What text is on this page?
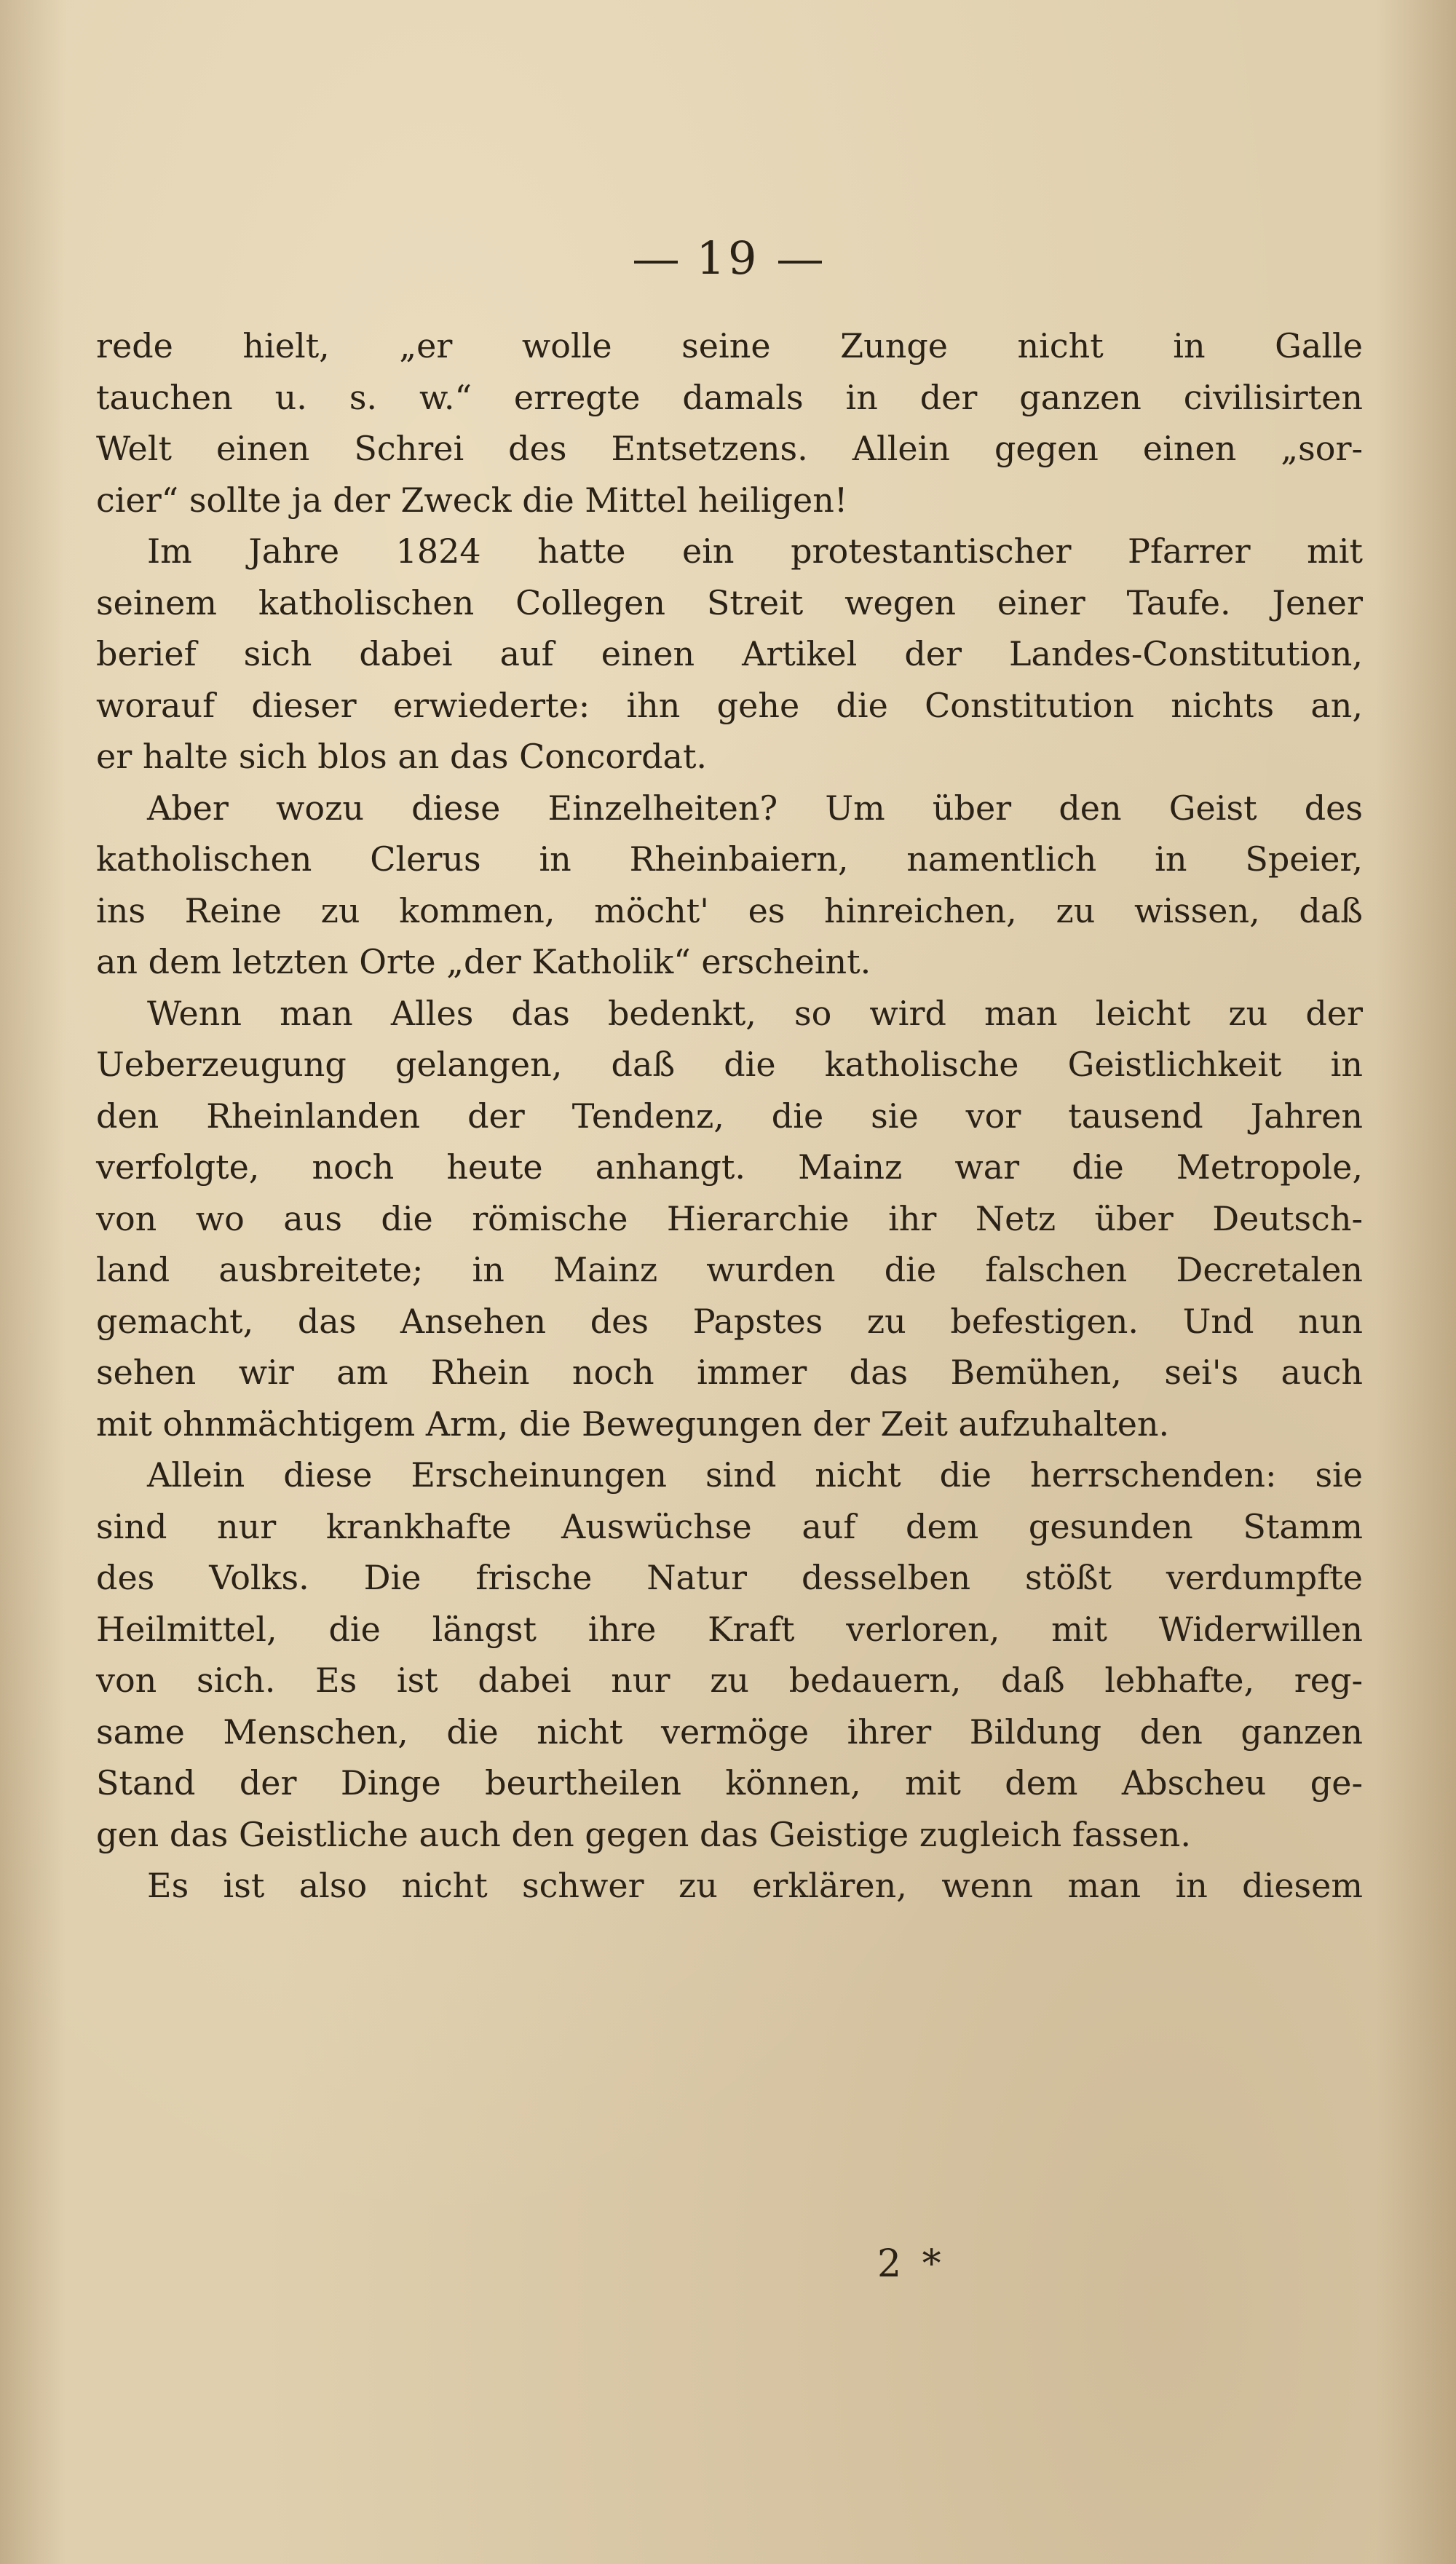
19
rede hielt, „er wolle seine Zunge nicht in Galle
tauchen u. s. w.“ erregte damals in der ganzen civilisirten
Welt einen Schrei des Entsetzens. Allein gegen einen „sor-
cier“ sollte ja der Zweck die Mittel heiligen!
Im Jahre 1824 hatte ein protestantischer Pfarrer mit
seinem katholischen Collegen Streit wegen einer Taufe. Jener
berief sich dabei auf einen Artikel der Landes-Constitution,
worauf dieser erwiederte: ihn gehe die Constitution nichts an,
er halte sich blos an das Concordat.
Aber wozu diese Einzelheiten? Um über den Geist des
katholischen Clerus in Rheinbaiern, namentlich in Speier,
ins Reine zu kommen, möcht' es hinreichen, zu wissen, daß
an dem letzten Orte „der Katholik“ erscheint.
Wenn man Alles das bedenkt, so wird man leicht zu der
Ueberzeugung gelangen, daß die katholische Geistlichkeit in
den Rheinlanden der Tendenz, die sie vor tausend Jahren
verfolgte, noch heute anhangt. Mainz war die Metropole,
von wo aus die römische Hierarchie ihr Netz über Deutsch-
land ausbreitete; in Mainz wurden die falschen Decretalen
gemacht, das Ansehen des Papstes zu befestigen. Und nun
sehen wir am Rhein noch immer das Bemühen, sei's auch
mit ohnmächtigem Arm, die Bewegungen der Zeit aufzuhalten.
Allein diese Erscheinungen sind nicht die herrschenden: sie
sind nur krankhafte Auswüchse auf dem gesunden Stamm
des Volks. Die frische Natur desselben stößt verdumpfte
Heilmittel, die längst ihre Kraft verloren, mit Widerwillen
von sich. Es ist dabei nur zu bedauern, daß lebhafte, reg-
same Menschen, die nicht vermöge ihrer Bildung den ganzen
Stand der Dinge beurtheilen können, mit dem Abscheu ge-
gen das Geistliche auch den gegen das Geistige zugleich fassen.
Es ist also nicht schwer zu erklären, wenn man in diesem
2 *
